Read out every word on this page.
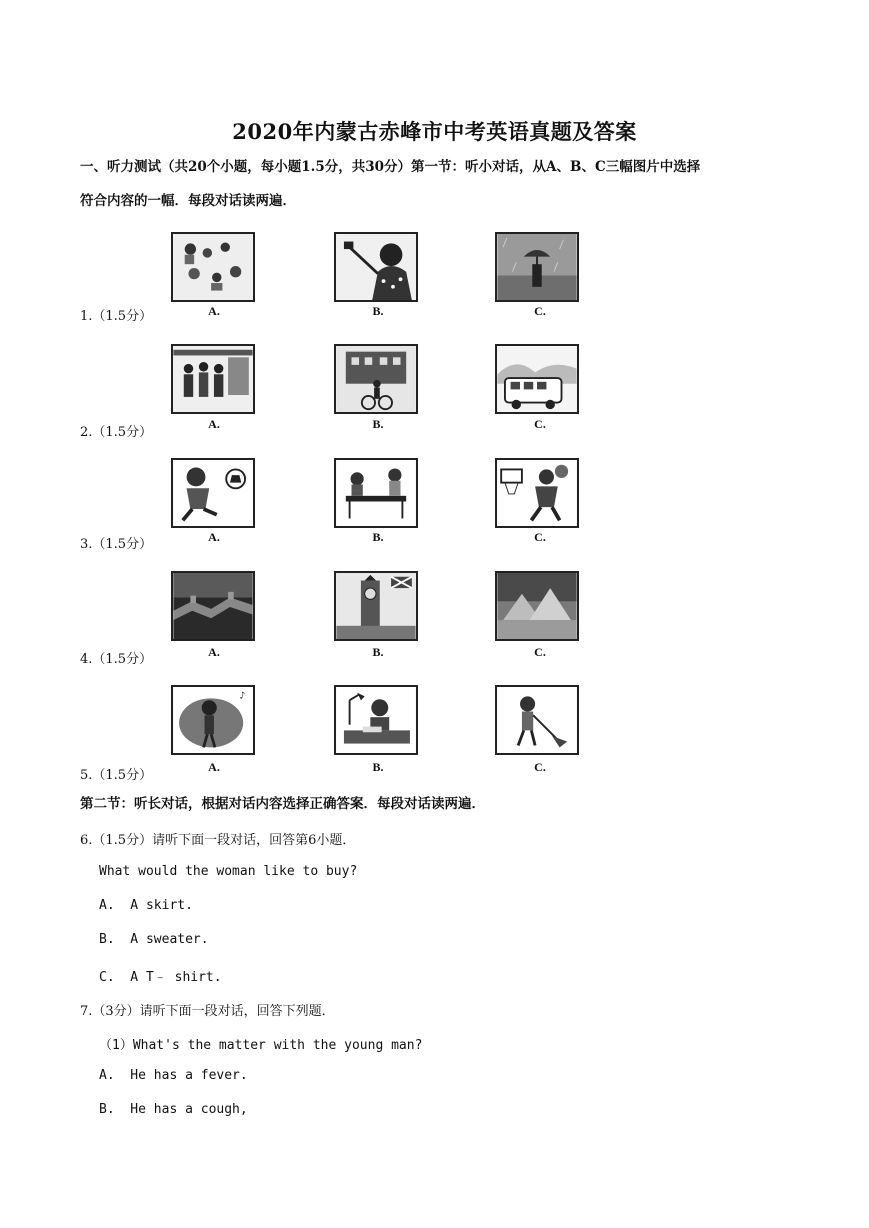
2020年内蒙古赤峰市中考英语真题及答案
一、听力测试（共20个小题，每小题1.5分，共30分）第一节：听小对话，从A、B、C三幅图片中选择
符合内容的一幅．每段对话读两遍．
1.（1.5分）	A.	B.	C.
2.（1.5分）
A.	B.	C.
3.（1.5分）	A.	B.	C.
4.（1.5分）	A.	B.	C.
5.（1.5分）
♪
A.	B.	C.
第二节：听长对话，根据对话内容选择正确答案．每段对话读两遍．
6.（1.5分）请听下面一段对话，回答第6小题．
What would the woman like to buy?
A.  A skirt.
B.  A sweater.
C.  A T﹣ shirt.
7.（3分）请听下面一段对话，回答下列题．
（1）What's the matter with the young man?
A.  He has a fever.
B.  He has a cough,
